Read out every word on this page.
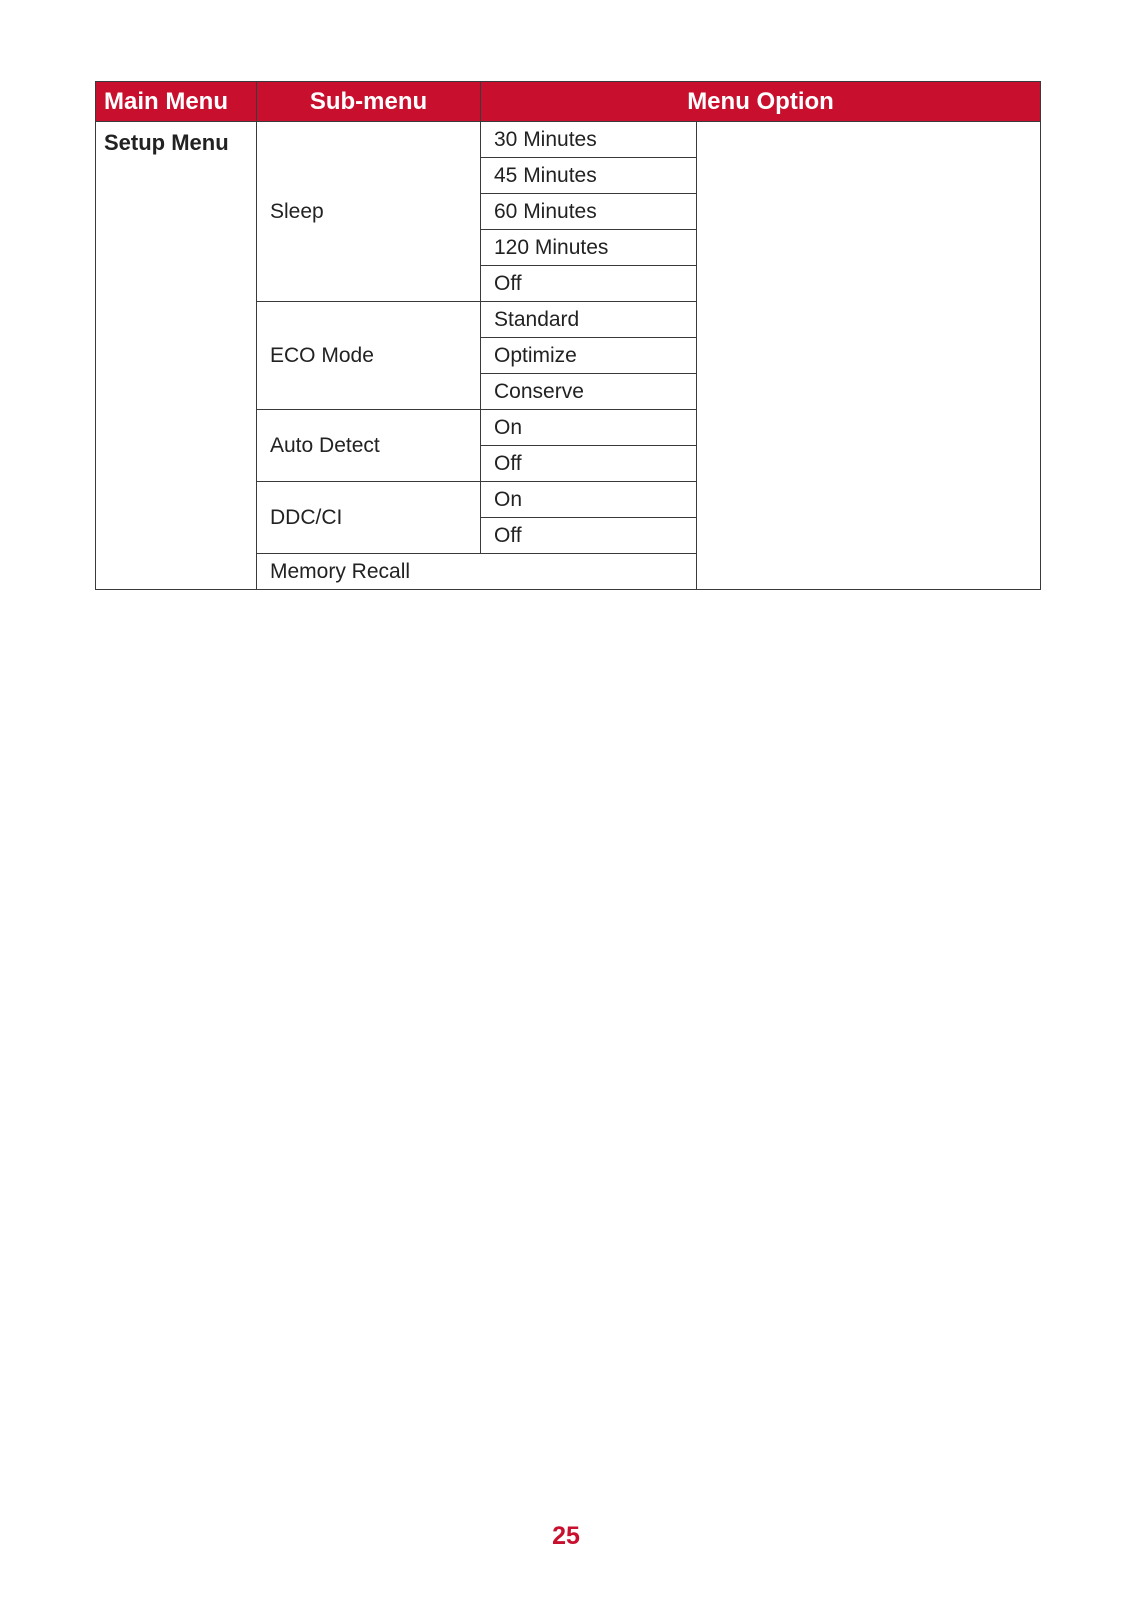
Main Menu	Sub-menu	Menu Option	
Setup Menu	Sleep	30 Minutes	
		45 Minutes	
		60 Minutes	
		120 Minutes	
		Off	
	ECO Mode	Standard	
		Optimize	
		Conserve	
	Auto Detect	On	
		Off	
	DDC/CI	On	
		Off	
	Memory Recall		
25
